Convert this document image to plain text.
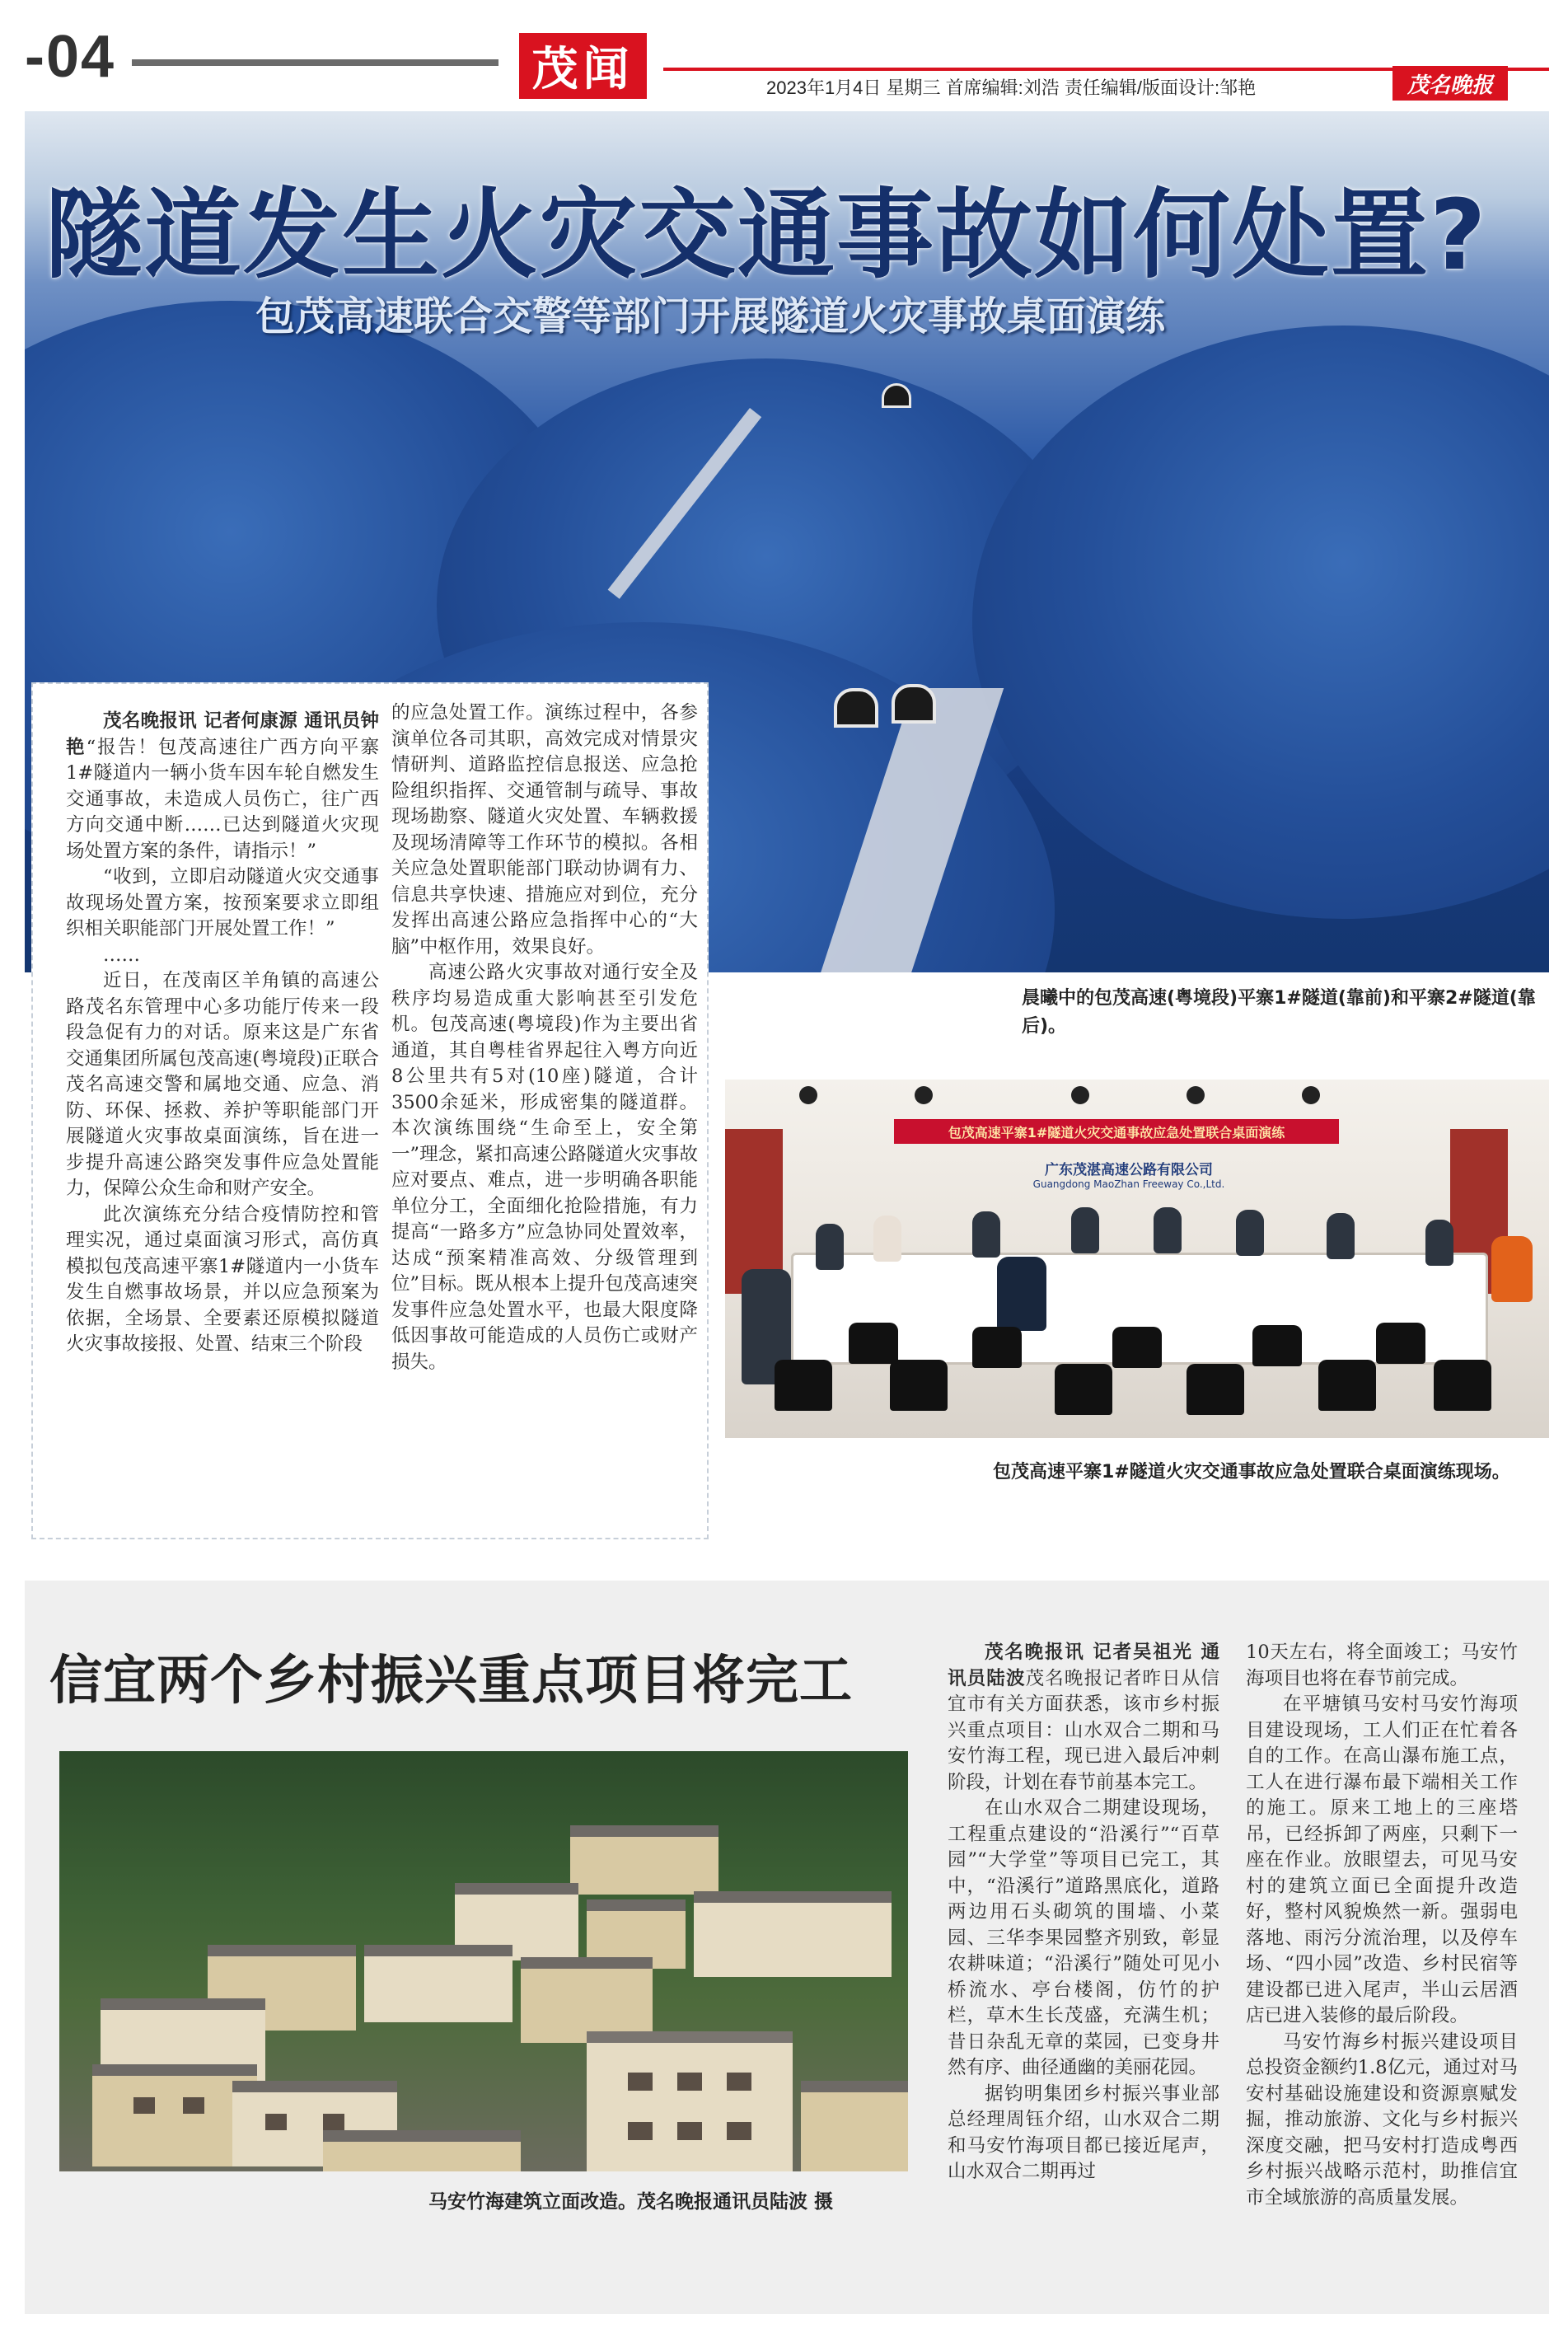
-04	茂闻	2023年1月4日 星期三 首席编辑:刘浩 责任编辑/版面设计:邹艳	茂名晚报
隧道发生火灾交通事故如何处置?
包茂高速联合交警等部门开展隧道火灾事故桌面演练

茂名晚报讯 记者何康源 通讯员钟艳“报告！包茂高速往广西方向平寨1#隧道内一辆小货车因车轮自燃发生交通事故，未造成人员伤亡，往广西方向交通中断……已达到隧道火灾现场处置方案的条件，请指示！”

“收到，立即启动隧道火灾交通事故现场处置方案，按预案要求立即组织相关职能部门开展处置工作！”

……

近日，在茂南区羊角镇的高速公路茂名东管理中心多功能厅传来一段段急促有力的对话。原来这是广东省交通集团所属包茂高速(粤境段)正联合茂名高速交警和属地交通、应急、消防、环保、拯救、养护等职能部门开展隧道火灾事故桌面演练，旨在进一步提升高速公路突发事件应急处置能力，保障公众生命和财产安全。

此次演练充分结合疫情防控和管理实况，通过桌面演习形式，高仿真模拟包茂高速平寨1#隧道内一小货车发生自燃事故场景，并以应急预案为依据，全场景、全要素还原模拟隧道火灾事故接报、处置、结束三个阶段

的应急处置工作。演练过程中，各参演单位各司其职，高效完成对情景灾情研判、道路监控信息报送、应急抢险组织指挥、交通管制与疏导、事故现场勘察、隧道火灾处置、车辆救援及现场清障等工作环节的模拟。各相关应急处置职能部门联动协调有力、信息共享快速、措施应对到位，充分发挥出高速公路应急指挥中心的“大脑”中枢作用，效果良好。

高速公路火灾事故对通行安全及秩序均易造成重大影响甚至引发危机。包茂高速(粤境段)作为主要出省通道，其自粤桂省界起往入粤方向近8公里共有5对(10座)隧道，合计3500余延米，形成密集的隧道群。本次演练围绕“生命至上，安全第一”理念，紧扣高速公路隧道火灾事故应对要点、难点，进一步明确各职能单位分工，全面细化抢险措施，有力提高“一路多方”应急协同处置效率，达成“预案精准高效、分级管理到位”目标。既从根本上提升包茂高速突发事件应急处置水平，也最大限度降低因事故可能造成的人员伤亡或财产损失。

晨曦中的包茂高速(粤境段)平寨1#隧道(靠前)和平寨2#隧道(靠后)。
包茂高速平寨1#隧道火灾交通事故应急处置联合桌面演练
广东茂湛高速公路有限公司
Guangdong MaoZhan Freeway Co.,Ltd.
包茂高速平寨1#隧道火灾交通事故应急处置联合桌面演练现场。
信宜两个乡村振兴重点项目将完工
马安竹海建筑立面改造。茂名晚报通讯员陆波 摄

茂名晚报讯 记者吴祖光 通讯员陆波茂名晚报记者昨日从信宜市有关方面获悉，该市乡村振兴重点项目：山水双合二期和马安竹海工程，现已进入最后冲刺阶段，计划在春节前基本完工。

在山水双合二期建设现场，工程重点建设的“沿溪行”“百草园”“大学堂”等项目已完工，其中，“沿溪行”道路黑底化，道路两边用石头砌筑的围墙、小菜园、三华李果园整齐别致，彰显农耕味道；“沿溪行”随处可见小桥流水、亭台楼阁，仿竹的护栏，草木生长茂盛，充满生机；昔日杂乱无章的菜园，已变身井然有序、曲径通幽的美丽花园。

据钧明集团乡村振兴事业部总经理周钰介绍，山水双合二期和马安竹海项目都已接近尾声，山水双合二期再过

10天左右，将全面竣工；马安竹海项目也将在春节前完成。

在平塘镇马安村马安竹海项目建设现场，工人们正在忙着各自的工作。在高山瀑布施工点，工人在进行瀑布最下端相关工作的施工。原来工地上的三座塔吊，已经拆卸了两座，只剩下一座在作业。放眼望去，可见马安村的建筑立面已全面提升改造好，整村风貌焕然一新。强弱电落地、雨污分流治理，以及停车场、“四小园”改造、乡村民宿等建设都已进入尾声，半山云居酒店已进入装修的最后阶段。

马安竹海乡村振兴建设项目总投资金额约1.8亿元，通过对马安村基础设施建设和资源禀赋发掘，推动旅游、文化与乡村振兴深度交融，把马安村打造成粤西乡村振兴战略示范村，助推信宜市全域旅游的高质量发展。
